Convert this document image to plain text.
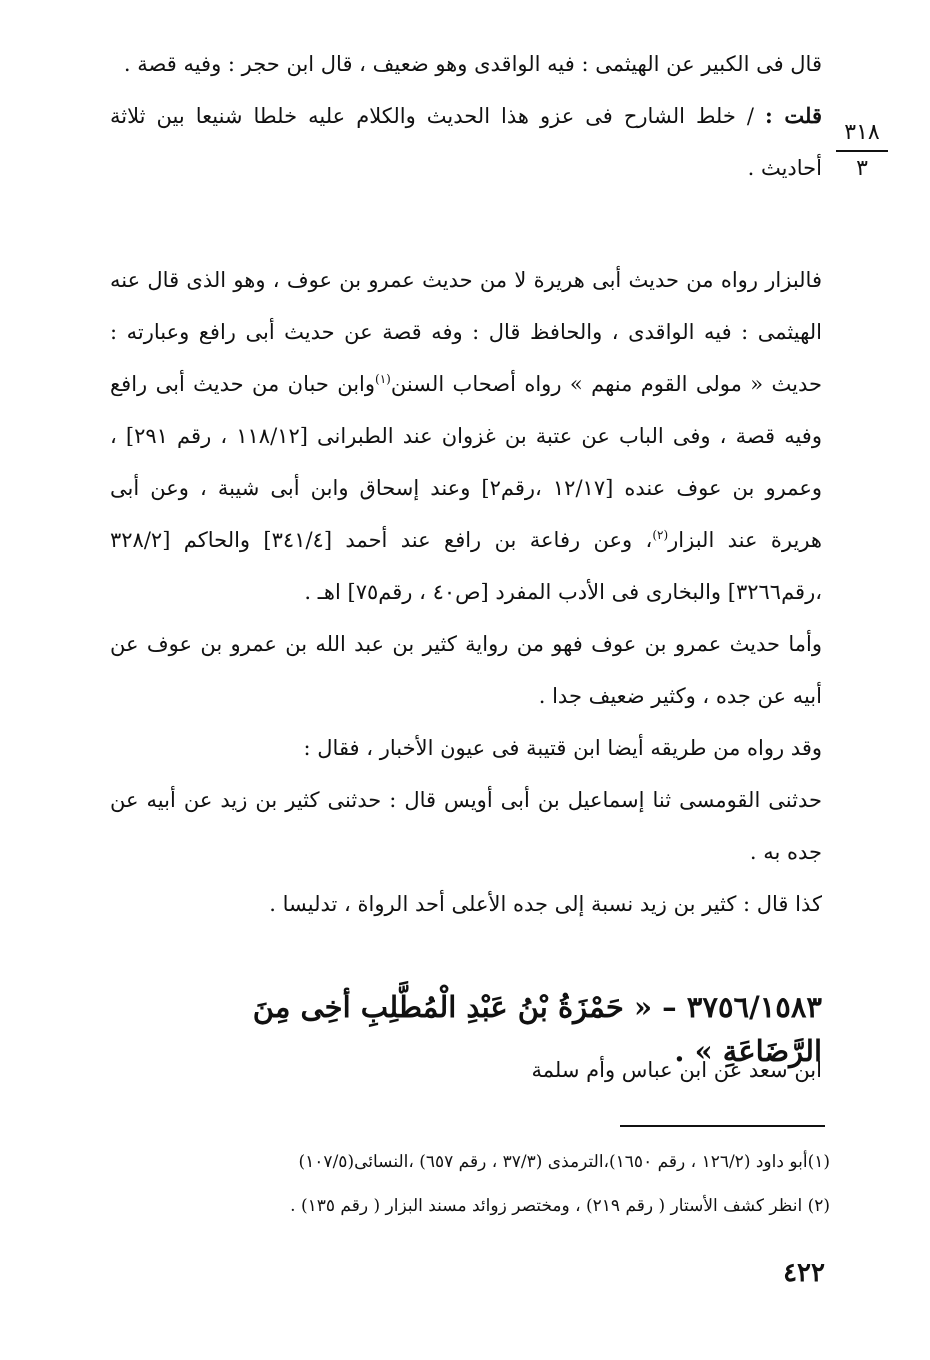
٣١٨
٣

قال فى الكبير عن الهيثمى : فيه الواقدى وهو ضعيف ، قال ابن حجر : وفيه قصة .

قلت : / خلط الشارح فى عزو هذا الحديث والكلام عليه خلطا شنيعا بين ثلاثة أحاديث .

فالبزار رواه من حديث أبى هريرة لا من حديث عمرو بن عوف ، وهو الذى قال عنه الهيثمى : فيه الواقدى ، والحافظ قال : وفه قصة عن حديث أبى رافع وعبارته : حديث « مولى القوم منهم » رواه أصحاب السنن$^{(١)}$وابن حبان من حديث أبى رافع وفيه قصة ، وفى الباب عن عتبة بن غزوان عند الطبرانى [١١٨/١٢ ، رقم ٢٩١] ، وعمرو بن عوف عنده [١٢/١٧ ،رقم٢] وعند إسحاق وابن أبى شيبة ، وعن أبى هريرة عند البزار$^{(٢)}$، وعن رفاعة بن رافع عند أحمد [٣٤١/٤] والحاكم [٣٢٨/٢ ،رقم٣٢٦٦] والبخارى فى الأدب المفرد [ص٤٠ ، رقم٧٥] اهـ .

وأما حديث عمرو بن عوف فهو من رواية كثير بن عبد الله بن عمرو بن عوف عن أبيه عن جده ، وكثير ضعيف جدا .

وقد رواه من طريقه أيضا ابن قتيبة فى عيون الأخبار ، فقال :

حدثنى القومسى ثنا إسماعيل بن أبى أويس قال : حدثنى كثير بن زيد عن أبيه عن جده به .

كذا قال : كثير بن زيد نسبة إلى جده الأعلى أحد الرواة ، تدليسا .

٣٧٥٦/١٥٨٣ – « حَمْزَةُ بْنُ عَبْدِ الْمُطَّلِبِ أخِى مِنَ الرَّضَاعَةِ » .
ابن سعد عن ابن عباس وأم سلمة
(١)أبو داود (١٢٦/٢ ، رقم ١٦٥٠)،الترمذى (٣٧/٣ ، رقم ٦٥٧) ،النسائى(١٠٧/٥)
(٢) انظر كشف الأستار ( رقم ٢١٩) ، ومختصر زوائد مسند البزار ( رقم ١٣٥) .
٤٢٢
